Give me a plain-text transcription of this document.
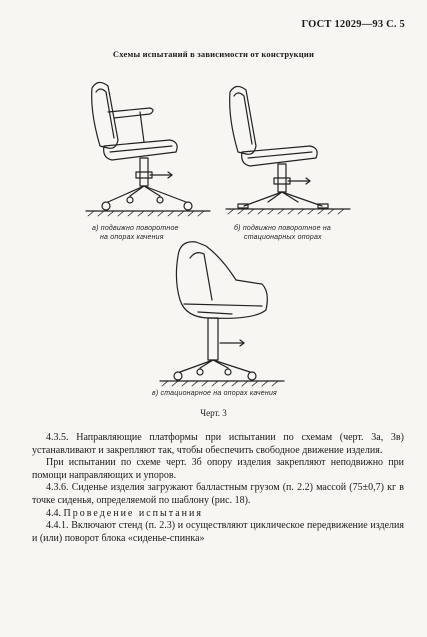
ГОСТ 12029—93 С. 5
Схемы испытаний в зависимости от конструкции
а) подвижно поворотное
на опорах качения
б) подвижно поворотное на
стационарных опорах
в) стационарное на опорах качения
Черт. 3

4.3.5. Направляющие платформы при испытании по схемам (черт. 3а, 3в) устанавливают и закрепляют так, чтобы обеспечить свободное движение изделия.

При испытании по схеме черт. 3б опору изделия закрепляют неподвижно при помощи направляющих и упоров.

4.3.6. Сиденье изделия загружают балластным грузом (п. 2.2) массой (75±0,7) кг в точке сиденья, определяемой по шаблону (рис. 18).

4.4. Проведение испытания

4.4.1. Включают стенд (п. 2.3) и осуществляют циклическое передвижение изделия и (или) поворот блока «сиденье-спинка»
